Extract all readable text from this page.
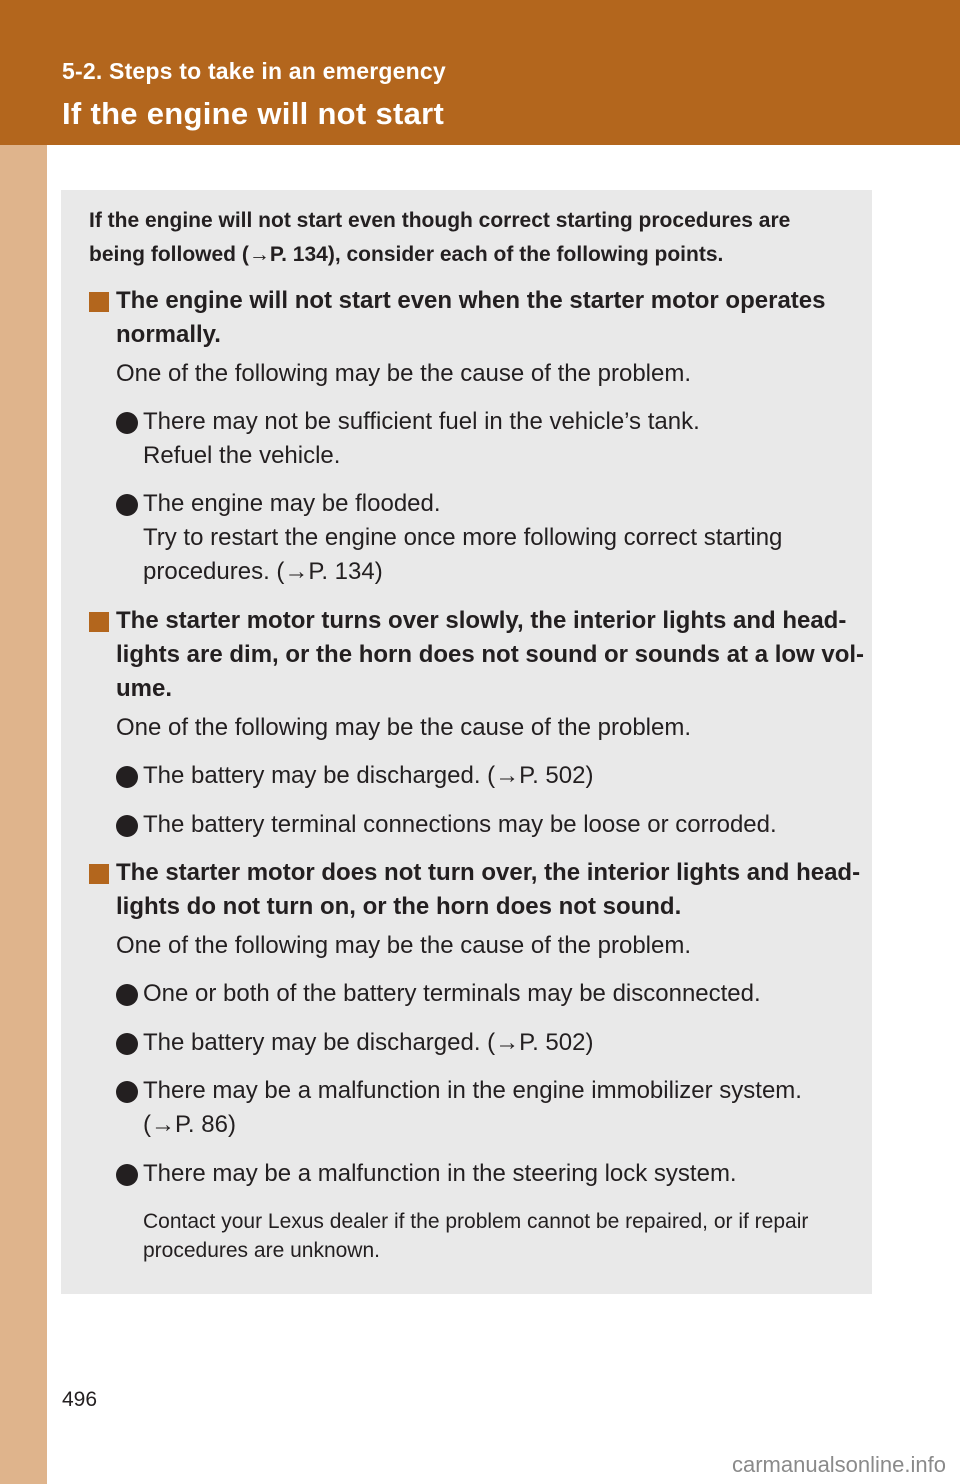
5-2. Steps to take in an emergency
If the engine will not start
If the engine will not start even though correct starting procedures are being followed (→P. 134), consider each of the following points.
The engine will not start even when the starter motor operates
normally.
One of the following may be the cause of the problem.
There may not be sufficient fuel in the vehicle’s tank.
Refuel the vehicle.
The engine may be flooded.
Try to restart the engine once more following correct starting
procedures. (→P. 134)
The starter motor turns over slowly, the interior lights and head-
lights are dim, or the horn does not sound or sounds at a low vol-
ume.
One of the following may be the cause of the problem.
The battery may be discharged. (→P. 502)
The battery terminal connections may be loose or corroded.
The starter motor does not turn over, the interior lights and head-
lights do not turn on, or the horn does not sound.
One of the following may be the cause of the problem.
One or both of the battery terminals may be disconnected.
The battery may be discharged. (→P. 502)
There may be a malfunction in the engine immobilizer system.
(→P. 86)
There may be a malfunction in the steering lock system.
Contact your Lexus dealer if the problem cannot be repaired, or if repair procedures are unknown.
496
carmanualsonline.info
